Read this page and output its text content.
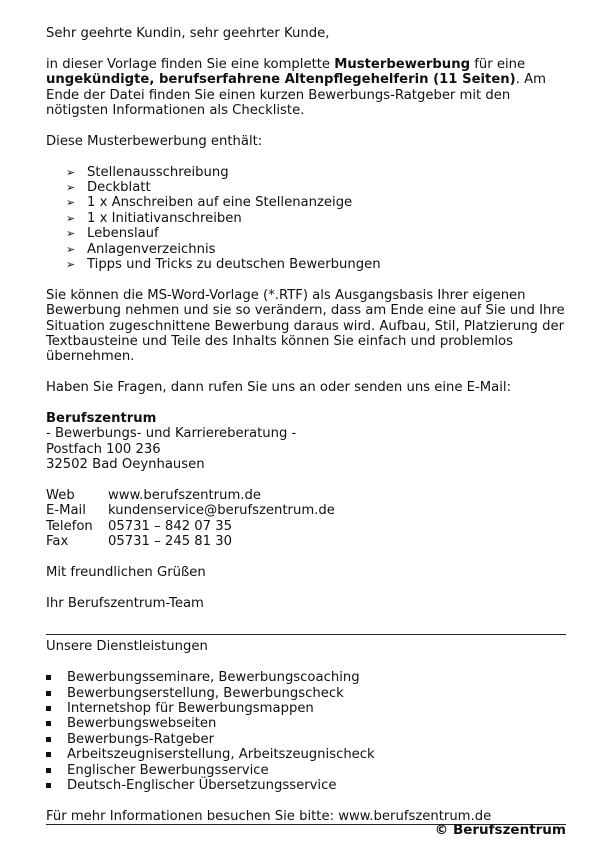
Sehr geehrte Kundin, sehr geehrter Kunde,

in dieser Vorlage finden Sie eine komplette Musterbewerbung für eine ungekündigte, berufserfahrene Altenpflegehelferin (11 Seiten). Am Ende der Datei finden Sie einen kurzen Bewerbungs-Ratgeber mit den nötigsten Informationen als Checkliste.

Diese Musterbewerbung enthält:

➢ Stellenausschreibung
➢ Deckblatt
➢ 1 x Anschreiben auf eine Stellenanzeige
➢ 1 x Initiativanschreiben
➢ Lebenslauf
➢ Anlagenverzeichnis
➢ Tipps und Tricks zu deutschen Bewerbungen

Sie können die MS-Word-Vorlage (*.RTF) als Ausgangsbasis Ihrer eigenen Bewerbung nehmen und sie so verändern, dass am Ende eine auf Sie und Ihre Situation zugeschnittene Bewerbung daraus wird. Aufbau, Stil, Platzierung der Textbausteine und Teile des Inhalts können Sie einfach und problemlos übernehmen.

Haben Sie Fragen, dann rufen Sie uns an oder senden uns eine E-Mail:

Berufszentrum

- Bewerbungs- und Karriereberatung -

Postfach 100 236

32502 Bad Oeynhausen

Web	www.berufszentrum.de
E-Mail	kundenservice@berufszentrum.de
Telefon	05731 – 842 07 35
Fax	05731 – 245 81 30

Mit freundlichen Grüßen

Ihr Berufszentrum-Team

Unsere Dienstleistungen

Bewerbungsseminare, Bewerbungscoaching
Bewerbungserstellung, Bewerbungscheck
Internetshop für Bewerbungsmappen
Bewerbungswebseiten
Bewerbungs-Ratgeber
Arbeitszeugniserstellung, Arbeitszeugnischeck
Englischer Bewerbungsservice
Deutsch-Englischer Übersetzungsservice

Für mehr Informationen besuchen Sie bitte: www.berufszentrum.de

© Berufszentrum
